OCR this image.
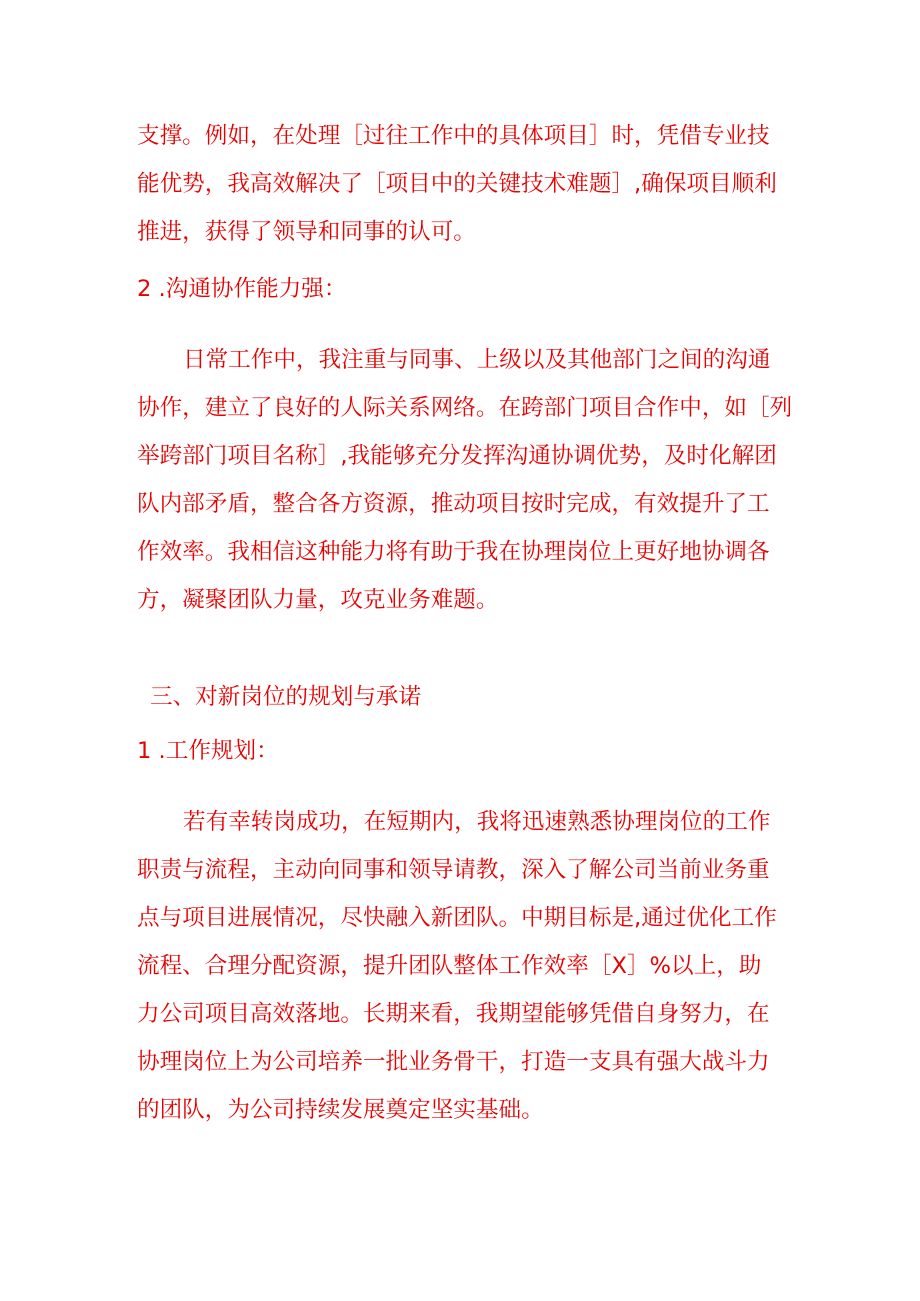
支撑。例如，在处理［过往工作中的具体项目］时，凭借专业技
能优势，我高效解决了［项目中的关键技术难题］,确保项目顺利
推进，获得了领导和同事的认可。
2 .沟通协作能力强：
日常工作中，我注重与同事、上级以及其他部门之间的沟通
协作，建立了良好的人际关系网络。在跨部门项目合作中，如［列
举跨部门项目名称］,我能够充分发挥沟通协调优势，及时化解团
队内部矛盾，整合各方资源，推动项目按时完成，有效提升了工
作效率。我相信这种能力将有助于我在协理岗位上更好地协调各
方，凝聚团队力量，攻克业务难题。
三、对新岗位的规划与承诺
1 .工作规划：
若有幸转岗成功，在短期内，我将迅速熟悉协理岗位的工作
职责与流程，主动向同事和领导请教，深入了解公司当前业务重
点与项目进展情况，尽快融入新团队。中期目标是,通过优化工作
流程、合理分配资源，提升团队整体工作效率［X］%以上，助
力公司项目高效落地。长期来看，我期望能够凭借自身努力，在
协理岗位上为公司培养一批业务骨干，打造一支具有强大战斗力
的团队，为公司持续发展奠定坚实基础。
